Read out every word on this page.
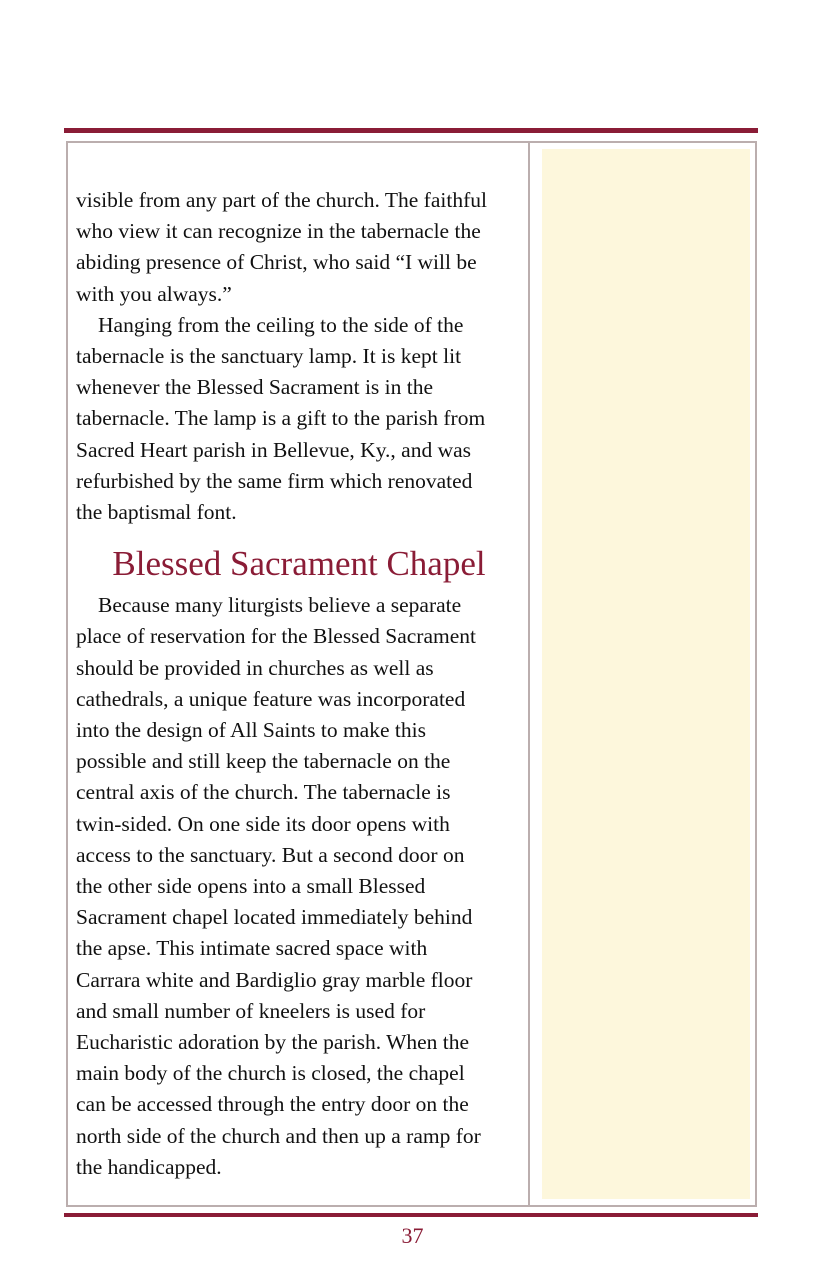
visible from any part of the church. The faithful
who view it can recognize in the tabernacle the
abiding presence of Christ, who said “I will be
with you always.”

Hanging from the ceiling to the side of the
tabernacle is the sanctuary lamp. It is kept lit
whenever the Blessed Sacrament is in the
tabernacle. The lamp is a gift to the parish from
Sacred Heart parish in Bellevue, Ky., and was
refurbished by the same firm which renovated
the baptismal font.

Blessed Sacrament Chapel

Because many liturgists believe a separate
place of reservation for the Blessed Sacrament
should be provided in churches as well as
cathedrals, a unique feature was incorporated
into the design of All Saints to make this
possible and still keep the tabernacle on the
central axis of the church. The tabernacle is
twin-sided. On one side its door opens with
access to the sanctuary. But a second door on
the other side opens into a small Blessed
Sacrament chapel located immediately behind
the apse. This intimate sacred space with
Carrara white and Bardiglio gray marble floor
and small number of kneelers is used for
Eucharistic adoration by the parish. When the
main body of the church is closed, the chapel
can be accessed through the entry door on the
north side of the church and then up a ramp for
the handicapped.

37
